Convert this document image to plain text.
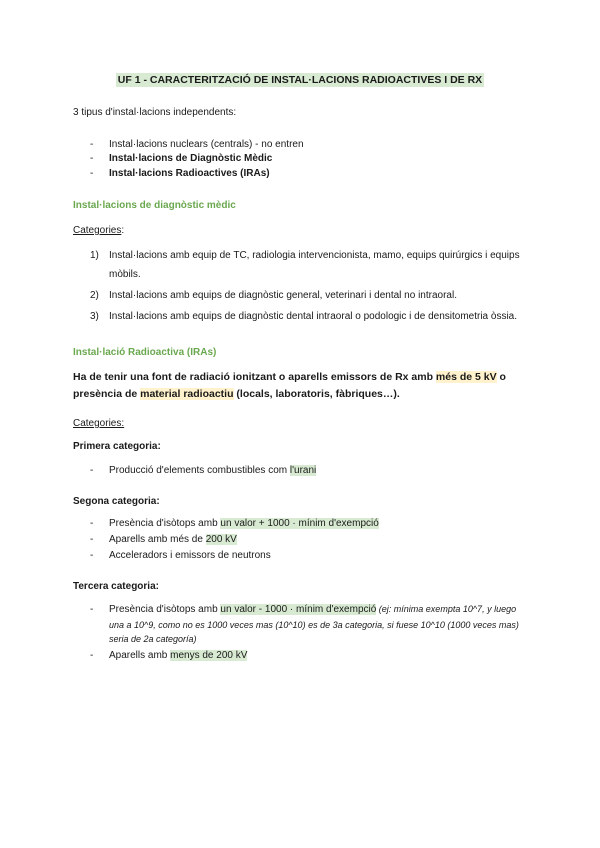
UF 1 - CARACTERITZACIÓ DE INSTAL·LACIONS RADIOACTIVES I DE RX
3 tipus d'instal·lacions independents:
- Instal·lacions nuclears (centrals) - no entren
- Instal·lacions de Diagnòstic Mèdic
- Instal·lacions Radioactives (IRAs)
Instal·lacions de diagnòstic mèdic
Categories:
1) Instal·lacions amb equip de TC, radiologia intervencionista, mamo, equips quirúrgics i equips
mòbils.
2) Instal·lacions amb equips de diagnòstic general, veterinari i dental no intraoral.
3) Instal·lacions amb equips de diagnòstic dental intraoral o podologic i de densitometria òssia.
Instal·lació Radioactiva (IRAs)
Ha de tenir una font de radiació ionitzant o aparells emissors de Rx amb més de 5 kV o presència de material radioactiu (locals, laboratoris, fàbriques…).
Categories:
Primera categoria:
- Producció d'elements combustibles com l'urani
Segona categoria:
- Presència d'isòtops amb un valor + 1000 · mínim d'exempció
- Aparells amb més de 200 kV
- Acceleradors i emissors de neutrons
Tercera categoria:
- Presència d'isòtops amb un valor - 1000 · mínim d'exempció (ej: mínima exempta 10^7, y luego
una a 10^9, como no es 1000 veces mas (10^10) es de 3a categoria, si fuese 10^10 (1000 veces mas)
seria de 2a categoría)
- Aparells amb menys de 200 kV
